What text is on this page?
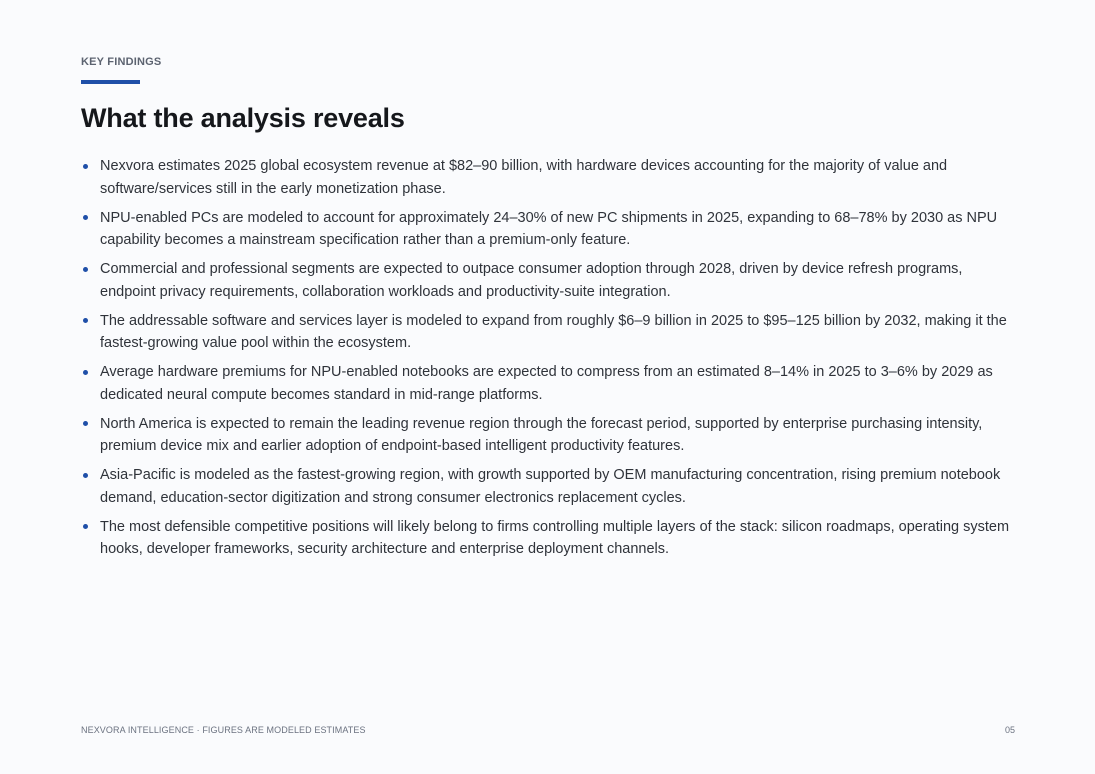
KEY FINDINGS
What the analysis reveals
Nexvora estimates 2025 global ecosystem revenue at $82–90 billion, with hardware devices accounting for the majority of value and software/services still in the early monetization phase.
NPU-enabled PCs are modeled to account for approximately 24–30% of new PC shipments in 2025, expanding to 68–78% by 2030 as NPU capability becomes a mainstream specification rather than a premium-only feature.
Commercial and professional segments are expected to outpace consumer adoption through 2028, driven by device refresh programs, endpoint privacy requirements, collaboration workloads and productivity-suite integration.
The addressable software and services layer is modeled to expand from roughly $6–9 billion in 2025 to $95–125 billion by 2032, making it the fastest-growing value pool within the ecosystem.
Average hardware premiums for NPU-enabled notebooks are expected to compress from an estimated 8–14% in 2025 to 3–6% by 2029 as dedicated neural compute becomes standard in mid-range platforms.
North America is expected to remain the leading revenue region through the forecast period, supported by enterprise purchasing intensity, premium device mix and earlier adoption of endpoint-based intelligent productivity features.
Asia-Pacific is modeled as the fastest-growing region, with growth supported by OEM manufacturing concentration, rising premium notebook demand, education-sector digitization and strong consumer electronics replacement cycles.
The most defensible competitive positions will likely belong to firms controlling multiple layers of the stack: silicon roadmaps, operating system hooks, developer frameworks, security architecture and enterprise deployment channels.
NEXVORA INTELLIGENCE · FIGURES ARE MODELED ESTIMATES	05
